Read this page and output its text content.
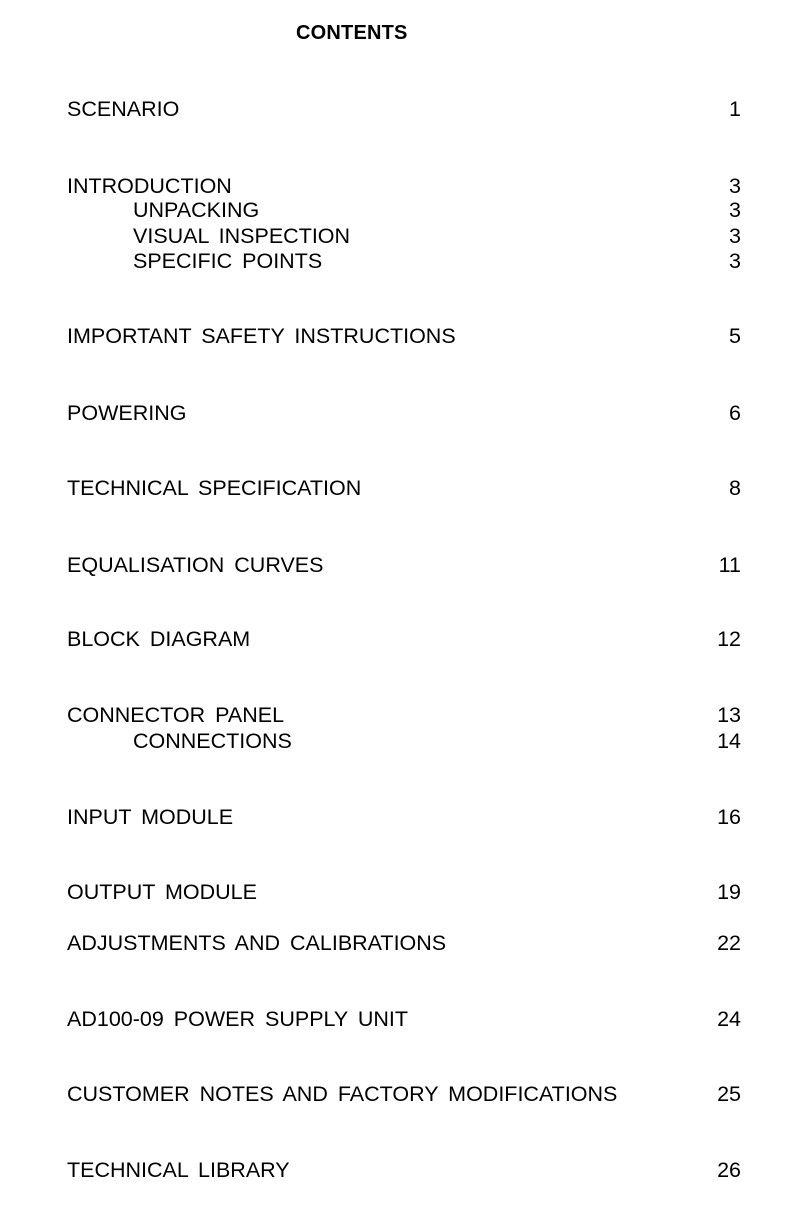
CONTENTS
SCENARIO	1
INTRODUCTION	3
UNPACKING	3
VISUAL INSPECTION	3
SPECIFIC POINTS	3
IMPORTANT SAFETY INSTRUCTIONS	5
POWERING	6
TECHNICAL SPECIFICATION	8
EQUALISATION CURVES	11
BLOCK DIAGRAM	12
CONNECTOR PANEL	13
CONNECTIONS	14
INPUT MODULE	16
OUTPUT MODULE	19
ADJUSTMENTS AND CALIBRATIONS	22
AD100-09 POWER SUPPLY UNIT	24
CUSTOMER NOTES AND FACTORY MODIFICATIONS	25
TECHNICAL LIBRARY	26
